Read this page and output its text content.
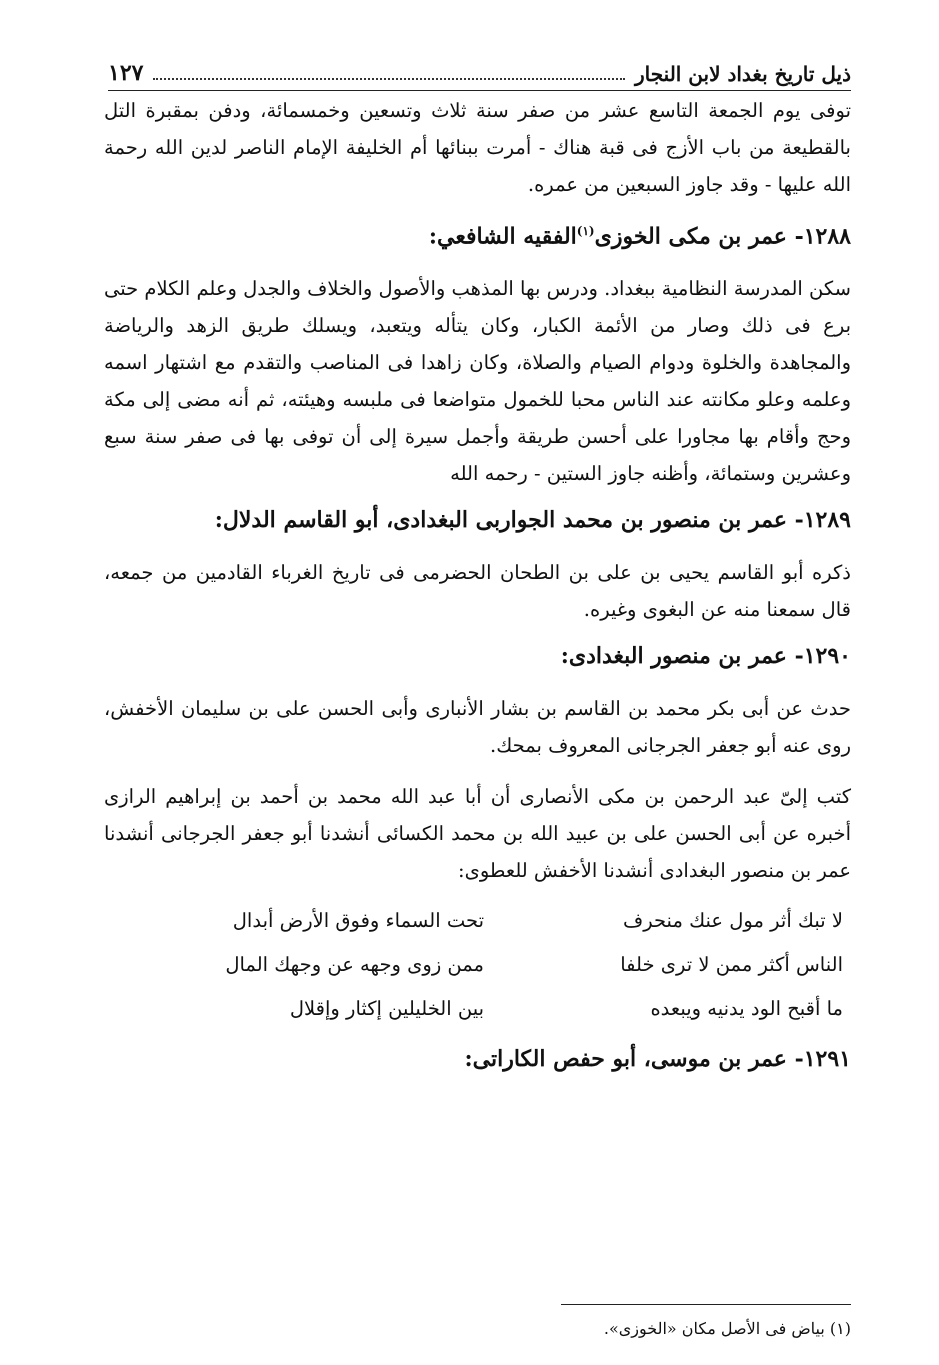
ذيل تاريخ بغداد لابن النجار
١٢٧

توفى يوم الجمعة التاسع عشر من صفر سنة ثلاث وتسعين وخمسمائة، ودفن بمقبرة التل بالقطيعة من باب الأزج فى قبة هناك - أمرت ببنائها أم الخليفة الإمام الناصر لدين الله رحمة الله عليها - وقد جاوز السبعين من عمره.

١٢٨٨- عمر بن مكى الخوزى$^{(١)}$الفقيه الشافعي:

سكن المدرسة النظامية ببغداد. ودرس بها المذهب والأصول والخلاف والجدل وعلم الكلام حتى برع فى ذلك وصار من الأئمة الكبار، وكان يتأله ويتعبد، ويسلك طريق الزهد والرياضة والمجاهدة والخلوة ودوام الصيام والصلاة، وكان زاهدا فى المناصب والتقدم مع اشتهار اسمه وعلمه وعلو مكانته عند الناس محبا للخمول متواضعا فى ملبسه وهيئته، ثم أنه مضى إلى مكة وحج وأقام بها مجاورا على أحسن طريقة وأجمل سيرة إلى أن توفى بها فى صفر سنة سبع وعشرين وستمائة، وأظنه جاوز الستين - رحمه الله

١٢٨٩- عمر بن منصور بن محمد الجواربى البغدادى، أبو القاسم الدلال:

ذكره أبو القاسم يحيى بن على بن الطحان الحضرمى فى تاريخ الغرباء القادمين من جمعه، قال سمعنا منه عن البغوى وغيره.

١٢٩٠- عمر بن منصور البغدادى:

حدث عن أبى بكر محمد بن القاسم بن بشار الأنبارى وأبى الحسن على بن سليمان الأخفش، روى عنه أبو جعفر الجرجانى المعروف بمحك.

كتب إلىّ عبد الرحمن بن مكى الأنصارى أن أبا عبد الله محمد بن أحمد بن إبراهيم الرازى أخبره عن أبى الحسن على بن عبيد الله بن محمد الكسائى أنشدنا أبو جعفر الجرجانى أنشدنا عمر بن منصور البغدادى أنشدنا الأخفش للعطوى:

لا تبك أثر مول عنك منحرف
تحت السماء وفوق الأرض أبدال
الناس أكثر ممن لا ترى خلفا
ممن زوى وجهه عن وجهك المال
ما أقبح الود يدنيه ويبعده
بين الخليلين إكثار وإقلال
١٢٩١- عمر بن موسى، أبو حفص الكاراتى:
(١) بياض فى الأصل مكان «الخوزى».
